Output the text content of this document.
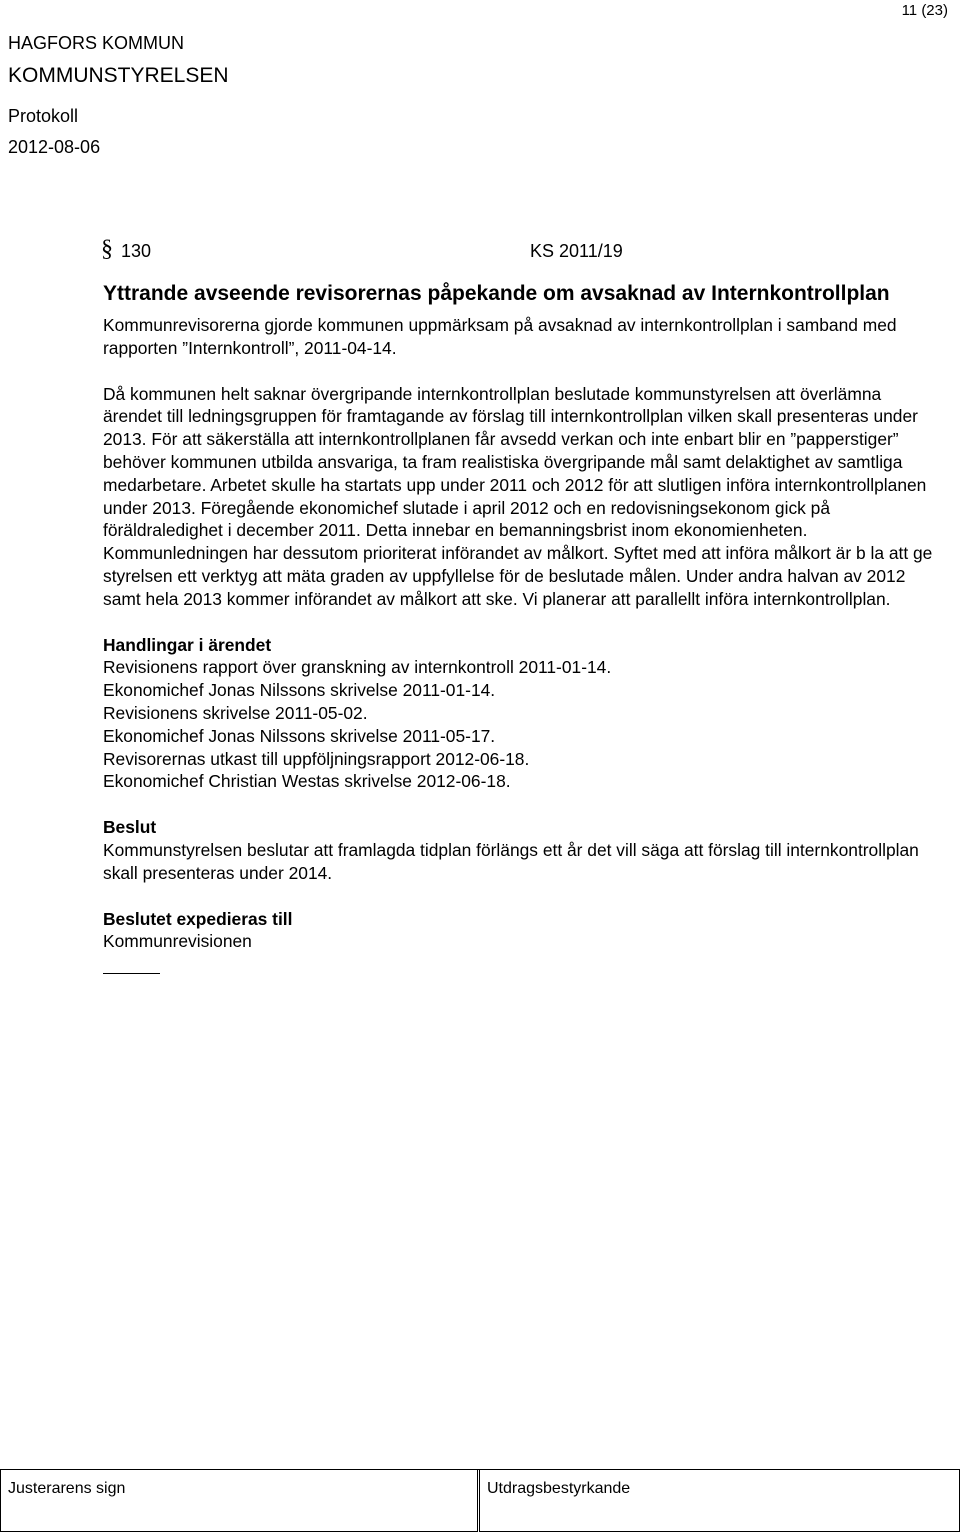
11 (23)
HAGFORS KOMMUN
KOMMUNSTYRELSEN
Protokoll
2012-08-06
§ 130	KS 2011/19
Yttrande avseende revisorernas påpekande om avsaknad av Internkontrollplan

Kommunrevisorerna gjorde kommunen uppmärksam på avsaknad av internkontrollplan i samband med rapporten ”Internkontroll”, 2011-04-14.

Då kommunen helt saknar övergripande internkontrollplan beslutade kommunstyrelsen att överlämna ärendet till ledningsgruppen för framtagande av förslag till internkontrollplan vilken skall presenteras under 2013. För att säkerställa att internkontrollplanen får avsedd verkan och inte enbart blir en ”papperstiger” behöver kommunen utbilda ansvariga, ta fram realistiska övergripande mål samt delaktighet av samtliga medarbetare. Arbetet skulle ha startats upp under 2011 och 2012 för att slutligen införa internkontrollplanen under 2013. Föregående ekonomichef slutade i april 2012 och en redovisningsekonom gick på föräldraledighet i december 2011. Detta innebar en bemanningsbrist inom ekonomienheten. Kommunledningen har dessutom prioriterat införandet av målkort. Syftet med att införa målkort är b la att ge styrelsen ett verktyg att mäta graden av uppfyllelse för de beslutade målen. Under andra halvan av 2012 samt hela 2013 kommer införandet av målkort att ske. Vi planerar att parallellt införa internkontrollplan.

Handlingar i ärendet

Revisionens rapport över granskning av internkontroll 2011-01-14.
Ekonomichef Jonas Nilssons skrivelse 2011-01-14.
Revisionens skrivelse 2011-05-02.
Ekonomichef Jonas Nilssons skrivelse 2011-05-17.
Revisorernas utkast till uppföljningsrapport 2012-06-18.
Ekonomichef Christian Westas skrivelse 2012-06-18.

Beslut

Kommunstyrelsen beslutar att framlagda tidplan förlängs ett år det vill säga att förslag till internkontrollplan skall presenteras under 2014.

Beslutet expedieras till

Kommunrevisionen

Justerarens sign	Utdragsbestyrkande
